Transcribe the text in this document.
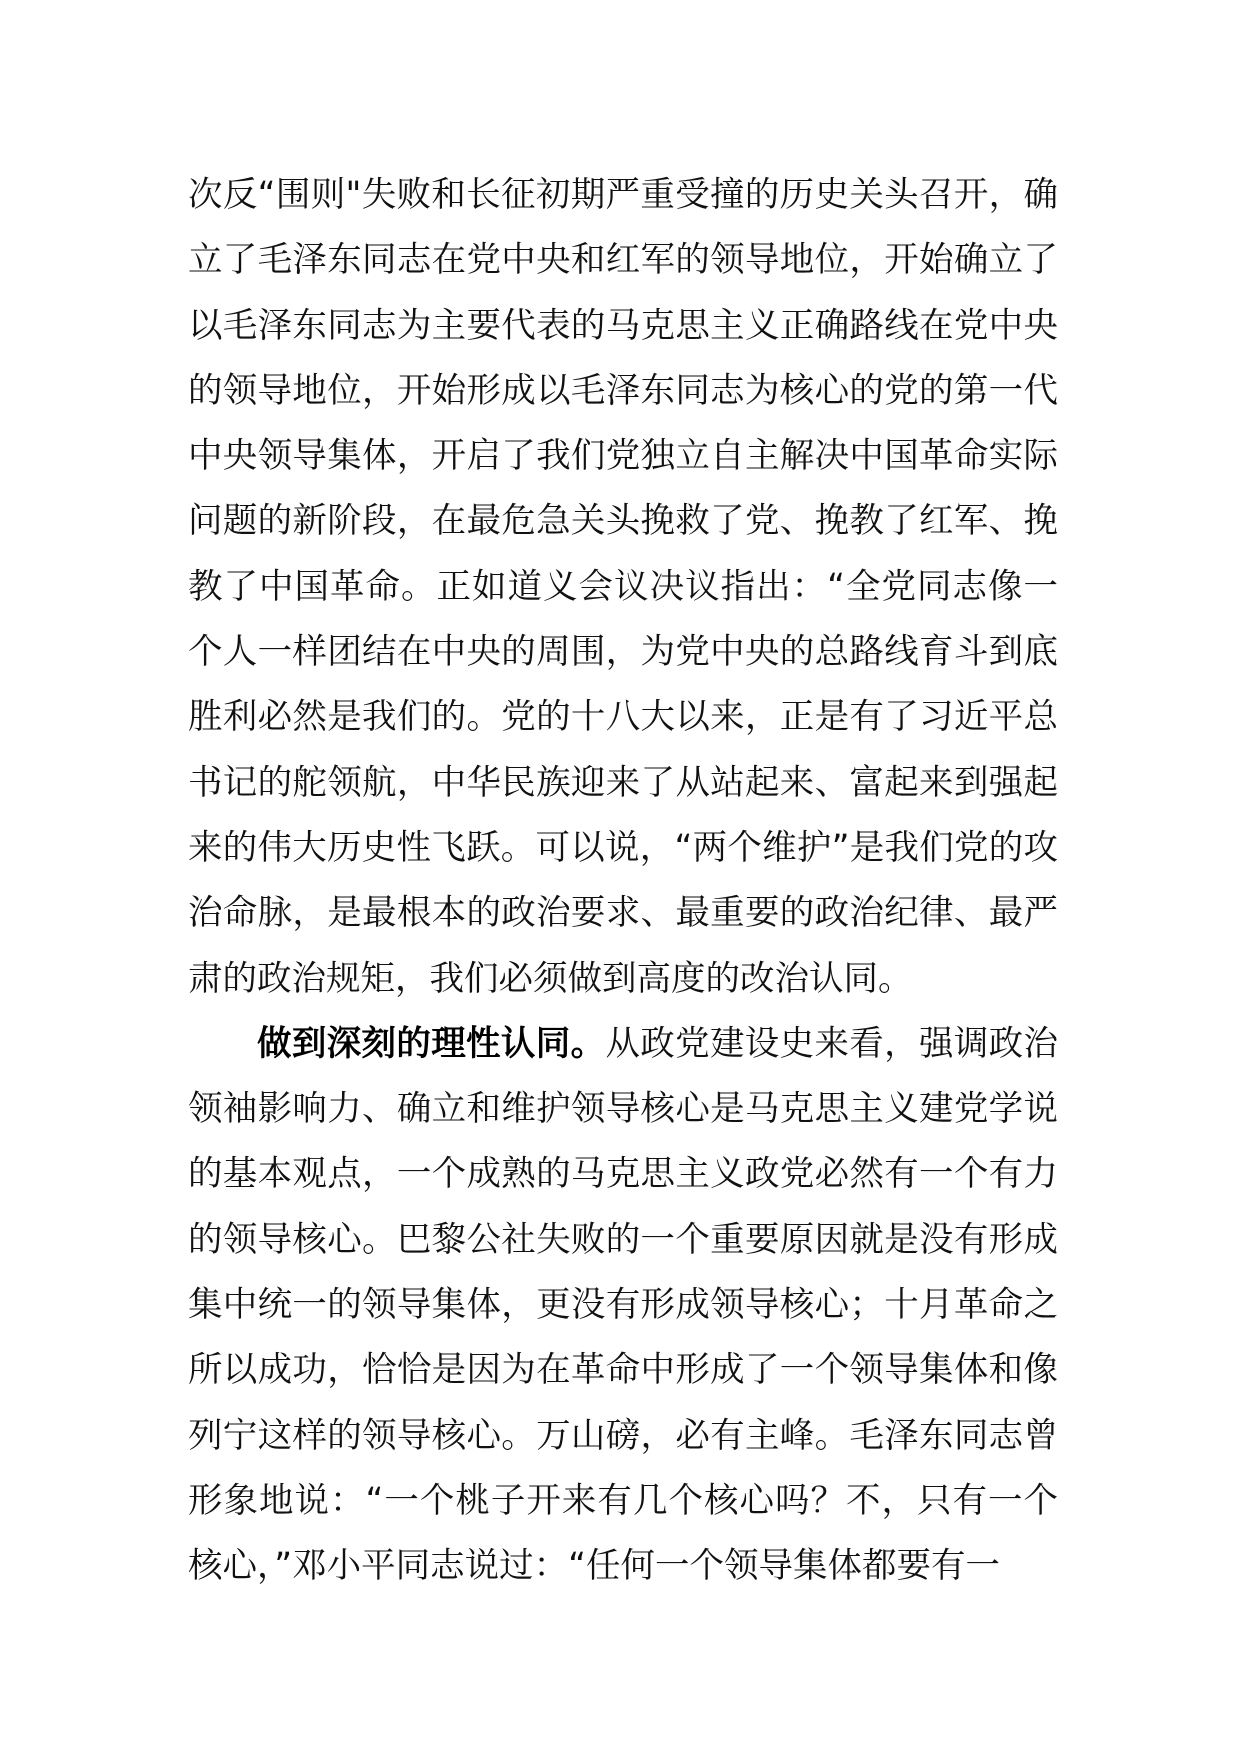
次反“围则"失败和长征初期严重受撞的历史关头召开，确立了毛泽东同志在党中央和红军的领导地位，开始确立了以毛泽东同志为主要代表的马克思主义正确路线在党中央的领导地位，开始形成以毛泽东同志为核心的党的第一代中央领导集体，开启了我们党独立自主解决中国革命实际问题的新阶段，在最危急关头挽救了党、挽教了红军、挽教了中国革命。正如道义会议决议指出：“全党同志像一个人一样团结在中央的周围，为党中央的总路线育斗到底胜利必然是我们的。党的十八大以来，正是有了习近平总书记的舵领航，中华民族迎来了从站起来、富起来到强起来的伟大历史性飞跃。可以说，“两个维护”是我们党的攻治命脉，是最根本的政治要求、最重要的政治纪律、最严肃的政治规矩，我们必须做到高度的改治认同。

做到深刻的理性认同。从政党建设史来看，强调政治领袖影响力、确立和维护领导核心是马克思主义建党学说的基本观点，一个成熟的马克思主义政党必然有一个有力的领导核心。巴黎公社失败的一个重要原因就是没有形成集中统一的领导集体，更没有形成领导核心；十月革命之所以成功，恰恰是因为在革命中形成了一个领导集体和像列宁这样的领导核心。万山磅，必有主峰。毛泽东同志曾形象地说：“一个桃子开来有几个核心吗？不，只有一个核心，”邓小平同志说过：“任何一个领导集体都要有一
